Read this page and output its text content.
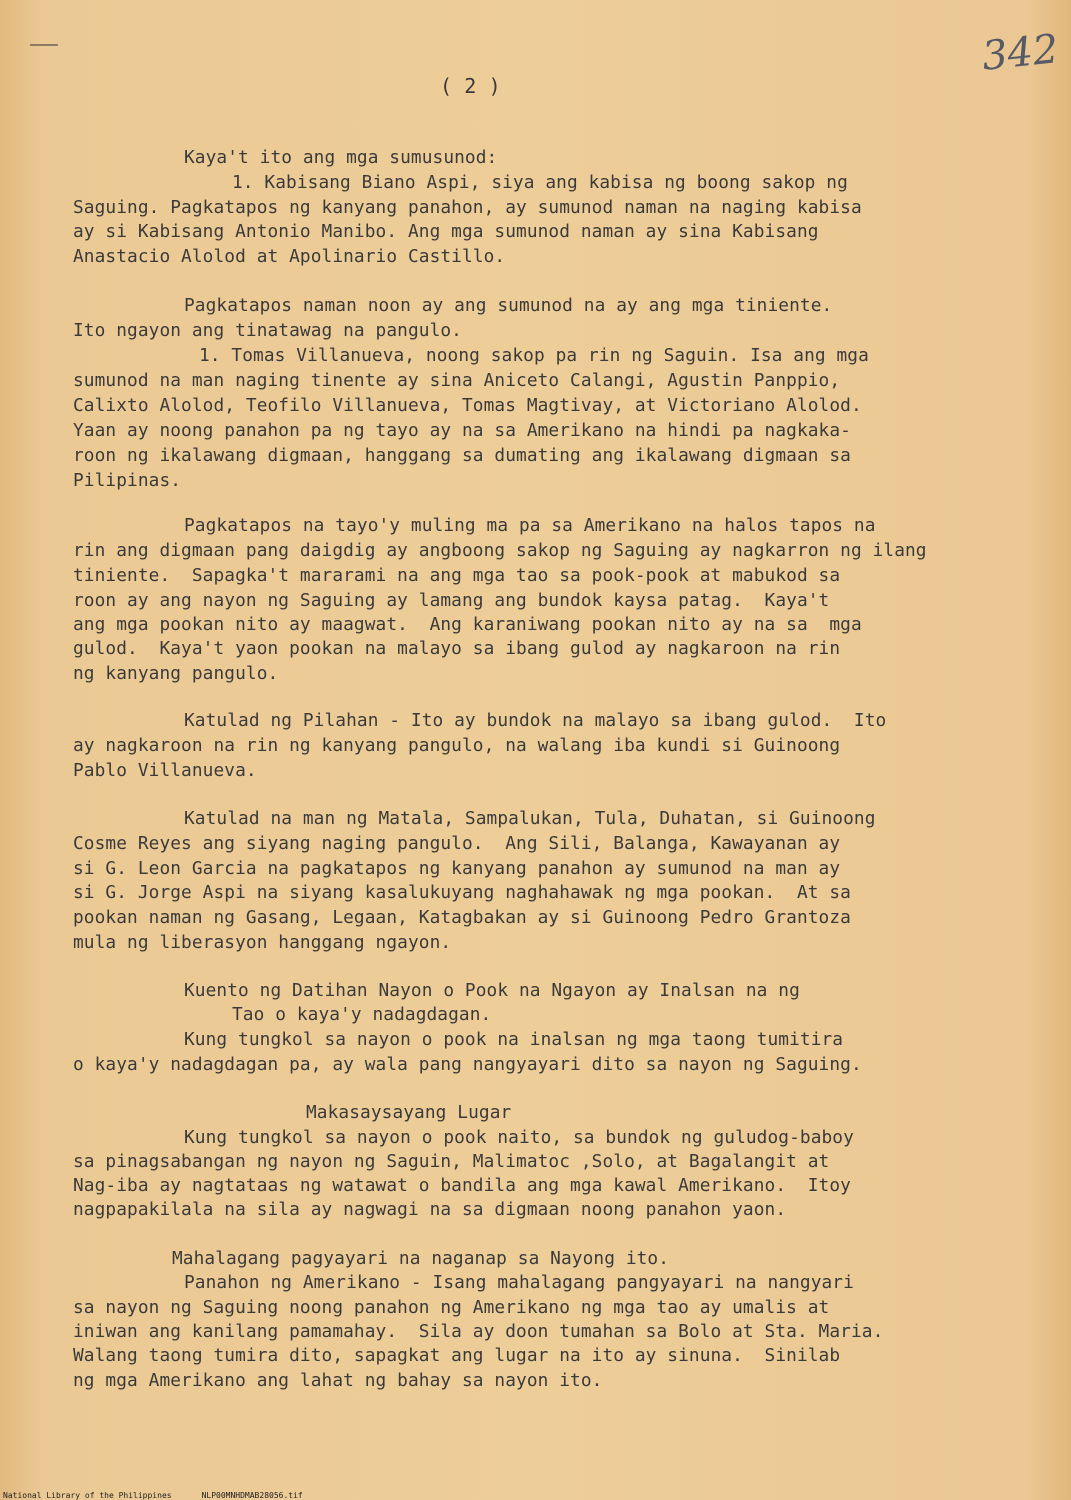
342
( 2 )
Kaya't ito ang mga sumusunod:
1. Kabisang Biano Aspi, siya ang kabisa ng boong sakop ng
Saguing. Pagkatapos ng kanyang panahon, ay sumunod naman na naging kabisa
ay si Kabisang Antonio Manibo. Ang mga sumunod naman ay sina Kabisang
Anastacio Alolod at Apolinario Castillo.
Pagkatapos naman noon ay ang sumunod na ay ang mga tiniente.
Ito ngayon ang tinatawag na pangulo.
1. Tomas Villanueva, noong sakop pa rin ng Saguin. Isa ang mga
sumunod na man naging tinente ay sina Aniceto Calangi, Agustin Panppio,
Calixto Alolod, Teofilo Villanueva, Tomas Magtivay, at Victoriano Alolod.
Yaan ay noong panahon pa ng tayo ay na sa Amerikano na hindi pa nagkaka-
roon ng ikalawang digmaan, hanggang sa dumating ang ikalawang digmaan sa
Pilipinas.
Pagkatapos na tayo'y muling ma pa sa Amerikano na halos tapos na
rin ang digmaan pang daigdig ay angboong sakop ng Saguing ay nagkarron ng ilang
tiniente.  Sapagka't mararami na ang mga tao sa pook-pook at mabukod sa
roon ay ang nayon ng Saguing ay lamang ang bundok kaysa patag.  Kaya't
ang mga pookan nito ay maagwat.  Ang karaniwang pookan nito ay na sa  mga
gulod.  Kaya't yaon pookan na malayo sa ibang gulod ay nagkaroon na rin
ng kanyang pangulo.
Katulad ng Pilahan - Ito ay bundok na malayo sa ibang gulod.  Ito
ay nagkaroon na rin ng kanyang pangulo, na walang iba kundi si Guinoong
Pablo Villanueva.
Katulad na man ng Matala, Sampalukan, Tula, Duhatan, si Guinoong
Cosme Reyes ang siyang naging pangulo.  Ang Sili, Balanga, Kawayanan ay
si G. Leon Garcia na pagkatapos ng kanyang panahon ay sumunod na man ay
si G. Jorge Aspi na siyang kasalukuyang naghahawak ng mga pookan.  At sa
pookan naman ng Gasang, Legaan, Katagbakan ay si Guinoong Pedro Grantoza
mula ng liberasyon hanggang ngayon.
Kuento ng Datihan Nayon o Pook na Ngayon ay Inalsan na ng
Tao o kaya'y nadagdagan.
Kung tungkol sa nayon o pook na inalsan ng mga taong tumitira
o kaya'y nadagdagan pa, ay wala pang nangyayari dito sa nayon ng Saguing.
Makasaysayang Lugar
Kung tungkol sa nayon o pook naito, sa bundok ng guludog-baboy
sa pinagsabangan ng nayon ng Saguin, Malimatoc ,Solo, at Bagalangit at
Nag-iba ay nagtataas ng watawat o bandila ang mga kawal Amerikano.  Itoy
nagpapakilala na sila ay nagwagi na sa digmaan noong panahon yaon.
Mahalagang pagyayari na naganap sa Nayong ito.
Panahon ng Amerikano - Isang mahalagang pangyayari na nangyari
sa nayon ng Saguing noong panahon ng Amerikano ng mga tao ay umalis at
iniwan ang kanilang pamamahay.  Sila ay doon tumahan sa Bolo at Sta. Maria.
Walang taong tumira dito, sapagkat ang lugar na ito ay sinuna.  Sinilab
ng mga Amerikano ang lahat ng bahay sa nayon ito.
National Library of the Philippines	NLP00MNHDMAB28056.tif
